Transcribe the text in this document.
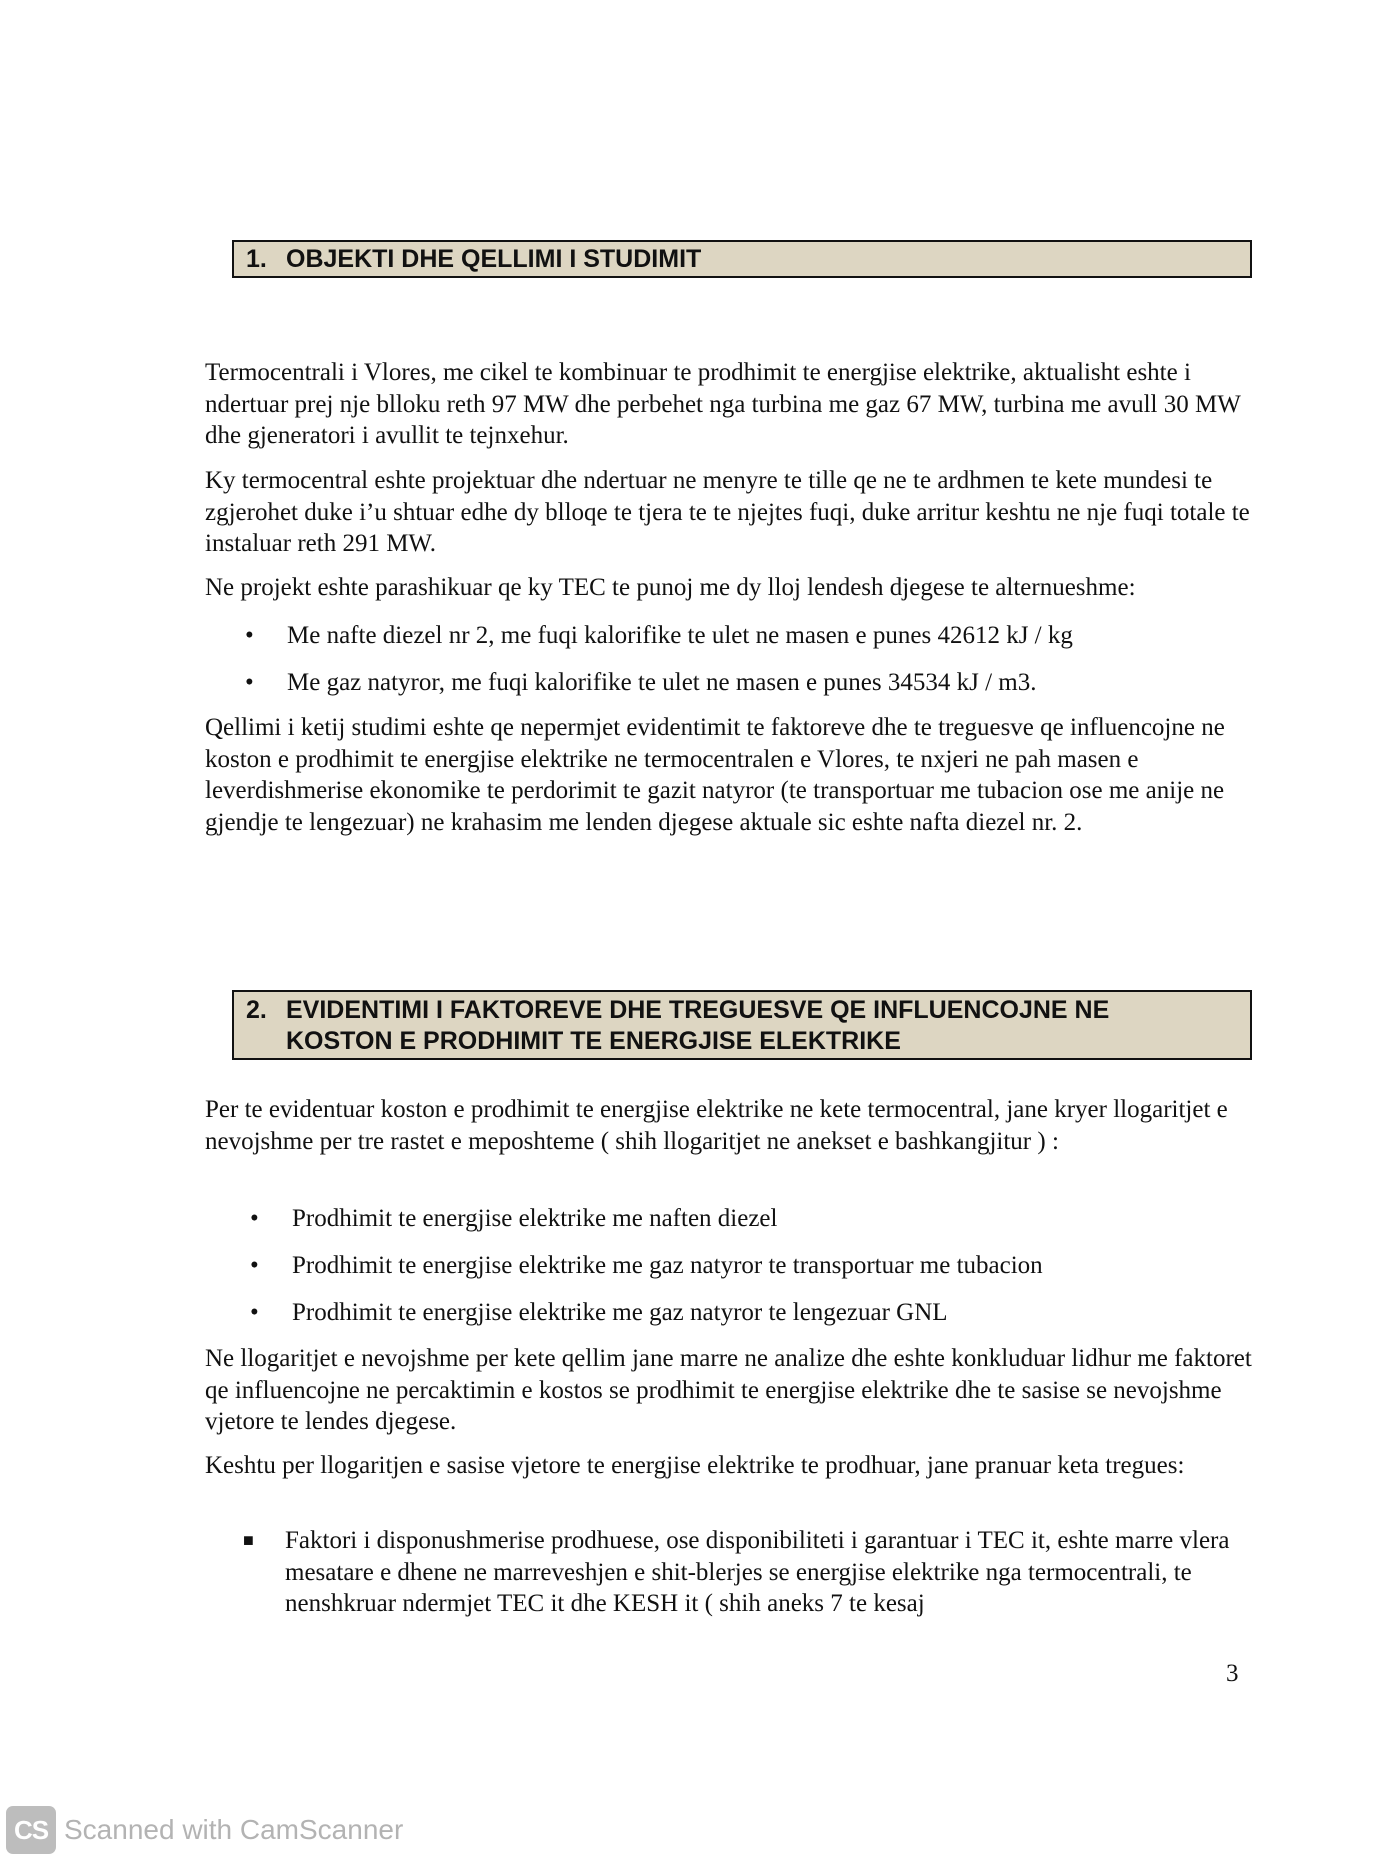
1. OBJEKTI DHE QELLIMI I STUDIMIT

Termocentrali i Vlores, me cikel te kombinuar te prodhimit te energjise elektrike, aktualisht eshte i ndertuar prej nje blloku reth 97 MW dhe perbehet nga turbina me gaz 67 MW, turbina me avull 30 MW dhe gjeneratori i avullit te tejnxehur.

Ky termocentral eshte projektuar dhe ndertuar ne menyre te tille qe ne te ardhmen te kete mundesi te zgjerohet duke i’u shtuar edhe dy blloqe te tjera te te njejtes fuqi, duke arritur keshtu ne nje fuqi totale te instaluar reth 291 MW.

Ne projekt eshte parashikuar qe ky TEC te punoj me dy lloj lendesh djegese te alternueshme:

• Me nafte diezel nr 2, me fuqi kalorifike te ulet ne masen e punes 42612 kJ / kg
• Me gaz natyror, me fuqi kalorifike te ulet ne masen e punes 34534 kJ / m3.

Qellimi i ketij studimi eshte qe nepermjet evidentimit te faktoreve dhe te treguesve qe influencojne ne koston e prodhimit te energjise elektrike ne termocentralen e Vlores, te nxjeri ne pah masen e leverdishmerise ekonomike te perdorimit te gazit natyror (te transportuar me tubacion ose me anije ne gjendje te lengezuar) ne krahasim me lenden djegese aktuale sic eshte nafta diezel nr. 2.

2. EVIDENTIMI I FAKTOREVE DHE TREGUESVE QE INFLUENCOJNE NE
KOSTON E PRODHIMIT TE ENERGJISE ELEKTRIKE

Per te evidentuar koston e prodhimit te energjise elektrike ne kete termocentral, jane kryer llogaritjet e nevojshme per tre rastet e meposhteme ( shih llogaritjet ne anekset e bashkangjitur ) :

• Prodhimit te energjise elektrike me naften diezel
• Prodhimit te energjise elektrike me gaz natyror te transportuar me tubacion
• Prodhimit te energjise elektrike me gaz natyror te lengezuar GNL

Ne llogaritjet e nevojshme per kete qellim jane marre ne analize dhe eshte konkluduar lidhur me faktoret qe influencojne ne percaktimin e kostos se prodhimit te energjise elektrike dhe te sasise se nevojshme vjetore te lendes djegese.

Keshtu per llogaritjen e sasise vjetore te energjise elektrike te prodhuar, jane pranuar keta tregues:

■ Faktori i disponushmerise prodhuese, ose disponibiliteti i garantuar i TEC it, eshte marre vlera mesatare e dhene ne marreveshjen e shit-blerjes se energjise elektrike nga termocentrali, te nenshkruar ndermjet TEC it dhe KESH it ( shih aneks 7 te kesaj
3
CS Scanned with CamScanner
